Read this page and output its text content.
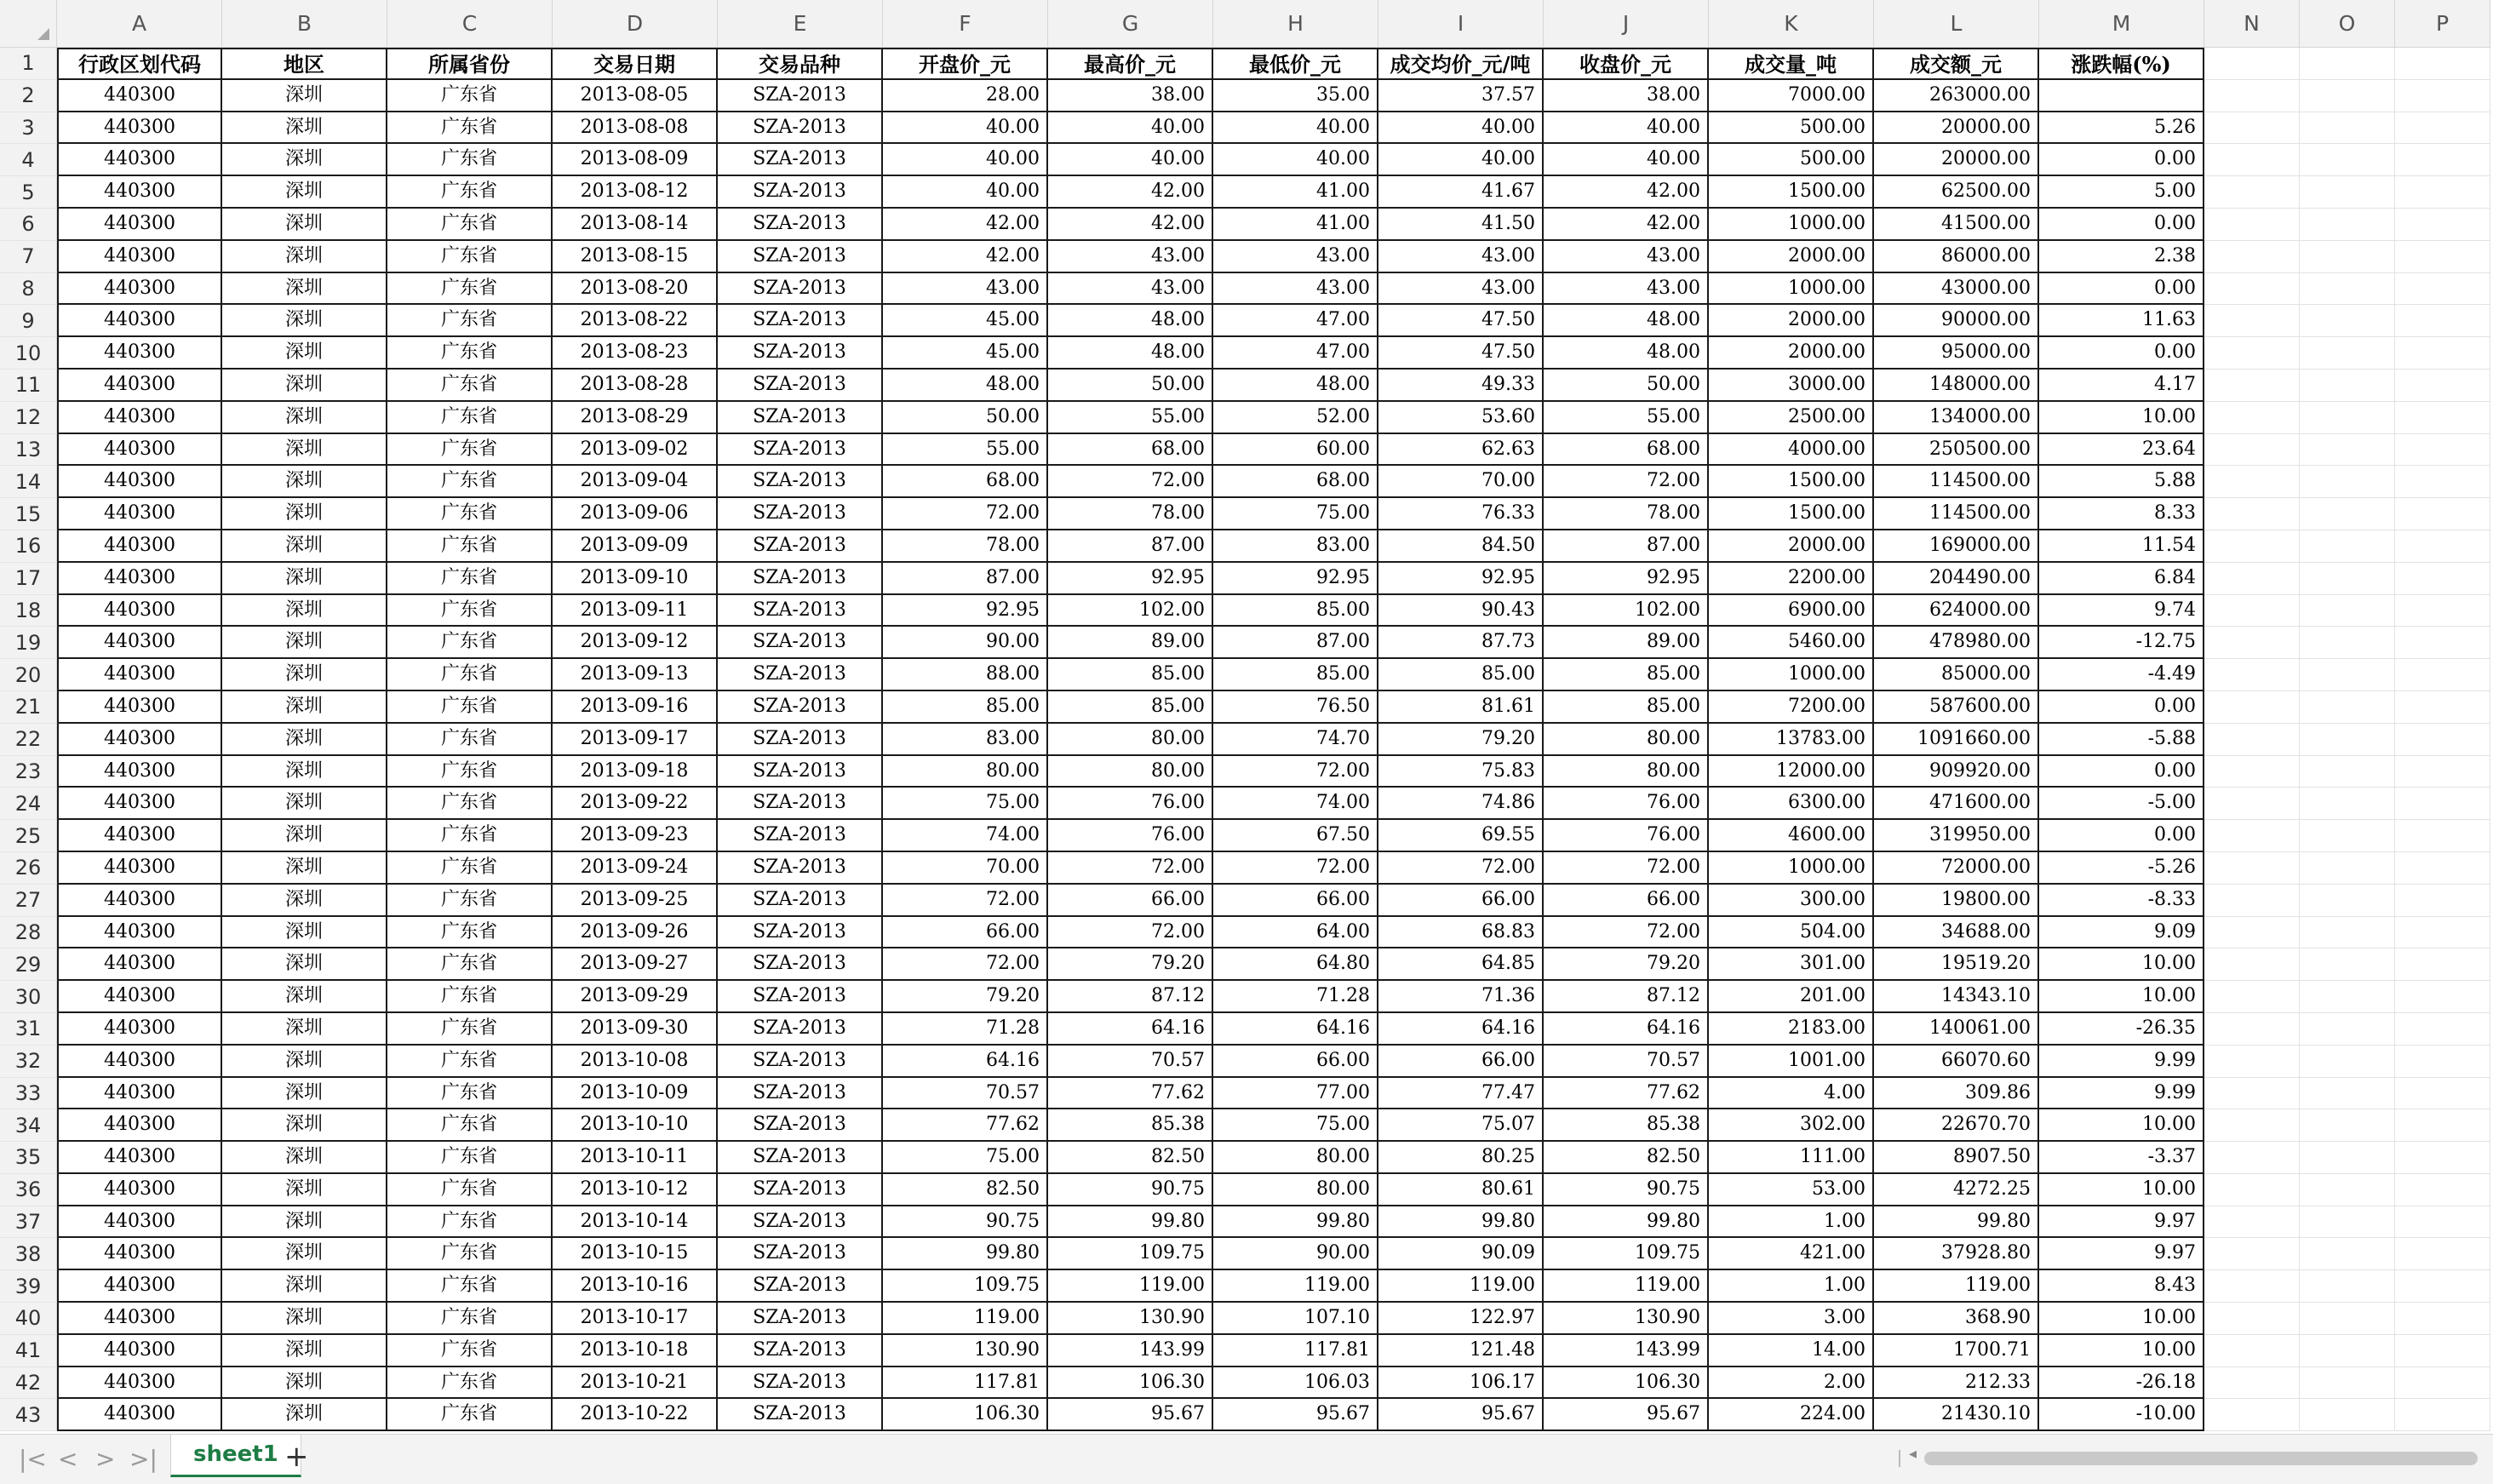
A	B	C	D	E	F	G	H	I	J	K	L	M	N	O	P
1
2
3
4
5
6
7
8
9
10
11
12
13
14
15
16
17
18
19
20
21
22
23
24
25
26
27
28
29
30
31
32
33
34
35
36
37
38
39
40
41
42
43
行政区划代码	地区	所属省份	交易日期	交易品种	开盘价_元	最高价_元	最低价_元	成交均价_元/吨	收盘价_元	成交量_吨	成交额_元	涨跌幅(%)
440300	深圳	广东省	2013-08-05	SZA-2013	28.00	38.00	35.00	37.57	38.00	7000.00	263000.00
440300	深圳	广东省	2013-08-08	SZA-2013	40.00	40.00	40.00	40.00	40.00	500.00	20000.00	5.26
440300	深圳	广东省	2013-08-09	SZA-2013	40.00	40.00	40.00	40.00	40.00	500.00	20000.00	0.00
440300	深圳	广东省	2013-08-12	SZA-2013	40.00	42.00	41.00	41.67	42.00	1500.00	62500.00	5.00
440300	深圳	广东省	2013-08-14	SZA-2013	42.00	42.00	41.00	41.50	42.00	1000.00	41500.00	0.00
440300	深圳	广东省	2013-08-15	SZA-2013	42.00	43.00	43.00	43.00	43.00	2000.00	86000.00	2.38
440300	深圳	广东省	2013-08-20	SZA-2013	43.00	43.00	43.00	43.00	43.00	1000.00	43000.00	0.00
440300	深圳	广东省	2013-08-22	SZA-2013	45.00	48.00	47.00	47.50	48.00	2000.00	90000.00	11.63
440300	深圳	广东省	2013-08-23	SZA-2013	45.00	48.00	47.00	47.50	48.00	2000.00	95000.00	0.00
440300	深圳	广东省	2013-08-28	SZA-2013	48.00	50.00	48.00	49.33	50.00	3000.00	148000.00	4.17
440300	深圳	广东省	2013-08-29	SZA-2013	50.00	55.00	52.00	53.60	55.00	2500.00	134000.00	10.00
440300	深圳	广东省	2013-09-02	SZA-2013	55.00	68.00	60.00	62.63	68.00	4000.00	250500.00	23.64
440300	深圳	广东省	2013-09-04	SZA-2013	68.00	72.00	68.00	70.00	72.00	1500.00	114500.00	5.88
440300	深圳	广东省	2013-09-06	SZA-2013	72.00	78.00	75.00	76.33	78.00	1500.00	114500.00	8.33
440300	深圳	广东省	2013-09-09	SZA-2013	78.00	87.00	83.00	84.50	87.00	2000.00	169000.00	11.54
440300	深圳	广东省	2013-09-10	SZA-2013	87.00	92.95	92.95	92.95	92.95	2200.00	204490.00	6.84
440300	深圳	广东省	2013-09-11	SZA-2013	92.95	102.00	85.00	90.43	102.00	6900.00	624000.00	9.74
440300	深圳	广东省	2013-09-12	SZA-2013	90.00	89.00	87.00	87.73	89.00	5460.00	478980.00	-12.75
440300	深圳	广东省	2013-09-13	SZA-2013	88.00	85.00	85.00	85.00	85.00	1000.00	85000.00	-4.49
440300	深圳	广东省	2013-09-16	SZA-2013	85.00	85.00	76.50	81.61	85.00	7200.00	587600.00	0.00
440300	深圳	广东省	2013-09-17	SZA-2013	83.00	80.00	74.70	79.20	80.00	13783.00	1091660.00	-5.88
440300	深圳	广东省	2013-09-18	SZA-2013	80.00	80.00	72.00	75.83	80.00	12000.00	909920.00	0.00
440300	深圳	广东省	2013-09-22	SZA-2013	75.00	76.00	74.00	74.86	76.00	6300.00	471600.00	-5.00
440300	深圳	广东省	2013-09-23	SZA-2013	74.00	76.00	67.50	69.55	76.00	4600.00	319950.00	0.00
440300	深圳	广东省	2013-09-24	SZA-2013	70.00	72.00	72.00	72.00	72.00	1000.00	72000.00	-5.26
440300	深圳	广东省	2013-09-25	SZA-2013	72.00	66.00	66.00	66.00	66.00	300.00	19800.00	-8.33
440300	深圳	广东省	2013-09-26	SZA-2013	66.00	72.00	64.00	68.83	72.00	504.00	34688.00	9.09
440300	深圳	广东省	2013-09-27	SZA-2013	72.00	79.20	64.80	64.85	79.20	301.00	19519.20	10.00
440300	深圳	广东省	2013-09-29	SZA-2013	79.20	87.12	71.28	71.36	87.12	201.00	14343.10	10.00
440300	深圳	广东省	2013-09-30	SZA-2013	71.28	64.16	64.16	64.16	64.16	2183.00	140061.00	-26.35
440300	深圳	广东省	2013-10-08	SZA-2013	64.16	70.57	66.00	66.00	70.57	1001.00	66070.60	9.99
440300	深圳	广东省	2013-10-09	SZA-2013	70.57	77.62	77.00	77.47	77.62	4.00	309.86	9.99
440300	深圳	广东省	2013-10-10	SZA-2013	77.62	85.38	75.00	75.07	85.38	302.00	22670.70	10.00
440300	深圳	广东省	2013-10-11	SZA-2013	75.00	82.50	80.00	80.25	82.50	111.00	8907.50	-3.37
440300	深圳	广东省	2013-10-12	SZA-2013	82.50	90.75	80.00	80.61	90.75	53.00	4272.25	10.00
440300	深圳	广东省	2013-10-14	SZA-2013	90.75	99.80	99.80	99.80	99.80	1.00	99.80	9.97
440300	深圳	广东省	2013-10-15	SZA-2013	99.80	109.75	90.00	90.09	109.75	421.00	37928.80	9.97
440300	深圳	广东省	2013-10-16	SZA-2013	109.75	119.00	119.00	119.00	119.00	1.00	119.00	8.43
440300	深圳	广东省	2013-10-17	SZA-2013	119.00	130.90	107.10	122.97	130.90	3.00	368.90	10.00
440300	深圳	广东省	2013-10-18	SZA-2013	130.90	143.99	117.81	121.48	143.99	14.00	1700.71	10.00
440300	深圳	广东省	2013-10-21	SZA-2013	117.81	106.30	106.03	106.17	106.30	2.00	212.33	-26.18
440300	深圳	广东省	2013-10-22	SZA-2013	106.30	95.67	95.67	95.67	95.67	224.00	21430.10	-10.00
|< < > >|	sheet1 +	◂
